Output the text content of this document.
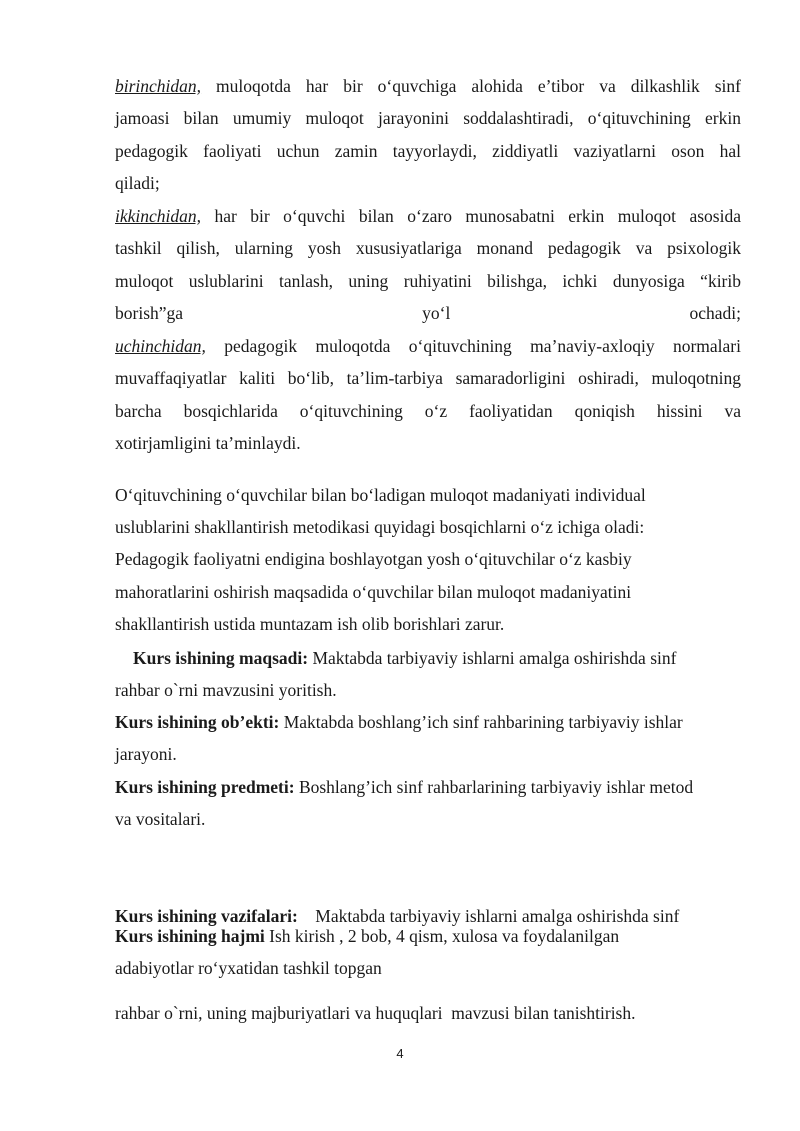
birinchidan, muloqotda har bir o‘quvchiga alohida e’tibor va dilkashlik sinf
jamoasi bilan umumiy muloqot jarayonini soddalashtiradi, o‘qituvchining erkin
pedagogik faoliyati uchun zamin tayyorlaydi, ziddiyatli vaziyatlarni oson hal
qiladi;
ikkinchidan, har bir o‘quvchi bilan o‘zaro munosabatni erkin muloqot asosida
tashkil qilish, ularning yosh xususiyatlariga monand pedagogik va psixologik
muloqot uslublarini tanlash, uning ruhiyatini bilishga, ichki dunyosiga “kirib
borish”ga yo‘l ochadi;
uchinchidan, pedagogik muloqotda o‘qituvchining ma’naviy-axloqiy normalari
muvaffaqiyatlar kaliti bo‘lib, ta’lim-tarbiya samaradorligini oshiradi, muloqotning
barcha bosqichlarida o‘qituvchining o‘z faoliyatidan qoniqish hissini va
xotirjamligini ta’minlaydi.
O‘qituvchining o‘quvchilar bilan bo‘ladigan muloqot madaniyati individual
uslublarini shakllantirish metodikasi quyidagi bosqichlarni o‘z ichiga oladi:
Pedagogik faoliyatni endigina boshlayotgan yosh o‘qituvchilar o‘z kasbiy
mahoratlarini oshirish maqsadida o‘quvchilar bilan muloqot madaniyatini
shakllantirish ustida muntazam ish olib borishlari zarur.
Kurs ishining maqsadi: Maktabda tarbiyaviy ishlarni amalga oshirishda sinf
rahbar o`rni mavzusini yoritish.
Kurs ishining ob’ekti: Maktabda boshlang’ich sinf rahbarining tarbiyaviy ishlar
jarayoni.
Kurs ishining predmeti: Boshlang’ich sinf rahbarlarining tarbiyaviy ishlar metod
va vositalari.

Kurs ishining vazifalari:    Maktabda tarbiyaviy ishlarni amalga oshirishda sinf

rahbar o`rni, uning majburiyatlari va huquqlari  mavzusi bilan tanishtirish.

Kurs ishining hajmi Ish kirish , 2 bob, 4 qism, xulosa va foydalanilgan
adabiyotlar ro‘yxatidan tashkil topgan
4
